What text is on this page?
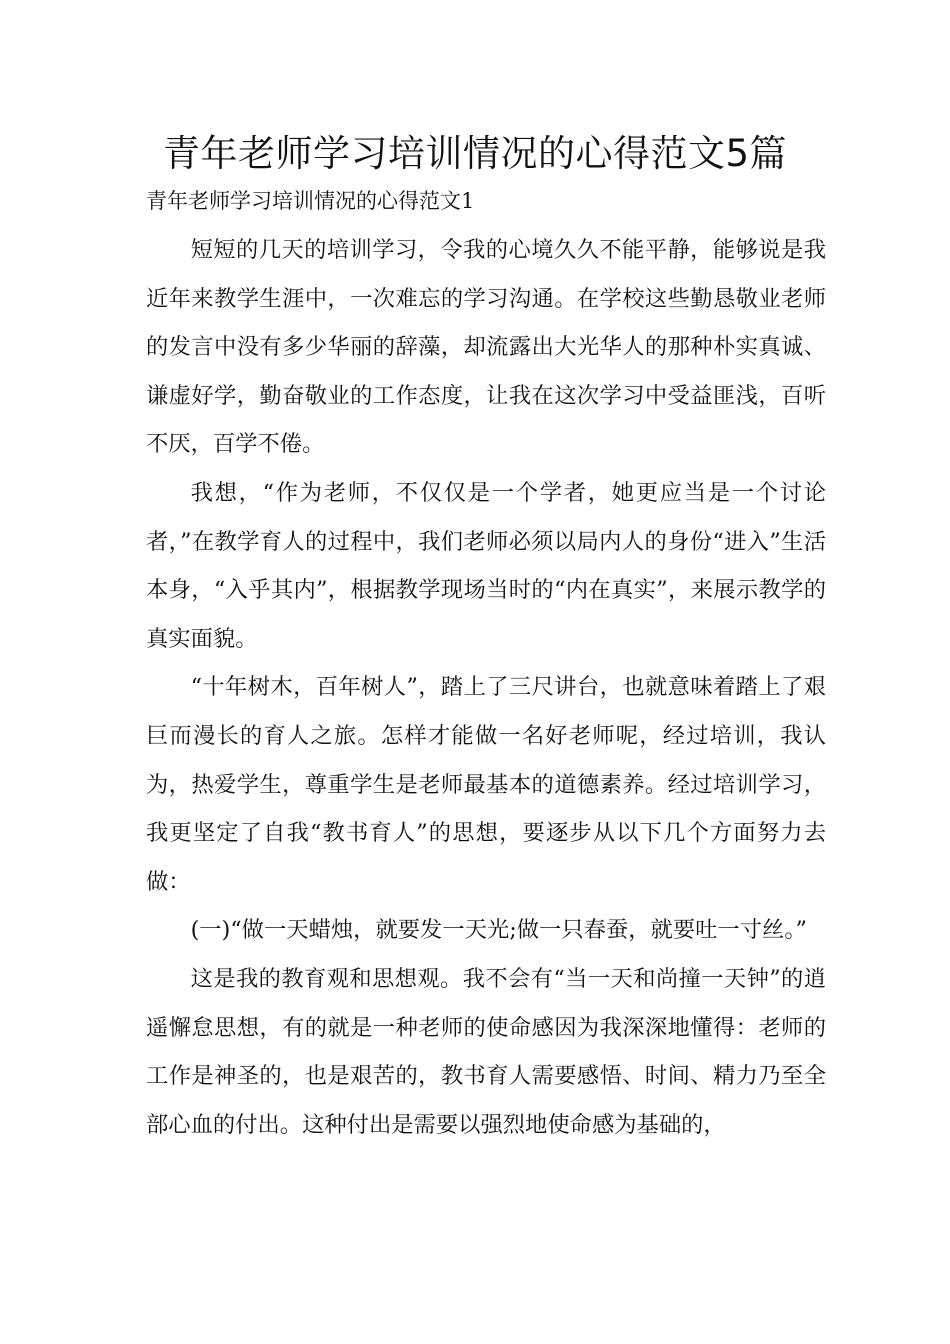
青年老师学习培训情况的心得范文5篇

青年老师学习培训情况的心得范文1

短短的几天的培训学习，令我的心境久久不能平静，能够说是我近年来教学生涯中，一次难忘的学习沟通。在学校这些勤恳敬业老师的发言中没有多少华丽的辞藻，却流露出大光华人的那种朴实真诚、谦虚好学，勤奋敬业的工作态度，让我在这次学习中受益匪浅，百听不厌，百学不倦。

我想，“作为老师，不仅仅是一个学者，她更应当是一个讨论者，”在教学育人的过程中，我们老师必须以局内人的身份“进入”生活本身，“入乎其内”，根据教学现场当时的“内在真实”，来展示教学的真实面貌。

“十年树木，百年树人”，踏上了三尺讲台，也就意味着踏上了艰巨而漫长的育人之旅。怎样才能做一名好老师呢，经过培训，我认为，热爱学生，尊重学生是老师最基本的道德素养。经过培训学习，我更坚定了自我“教书育人”的思想，要逐步从以下几个方面努力去做：

(一)“做一天蜡烛，就要发一天光;做一只春蚕，就要吐一寸丝。”

这是我的教育观和思想观。我不会有“当一天和尚撞一天钟”的逍遥懈怠思想，有的就是一种老师的使命感因为我深深地懂得：老师的工作是神圣的，也是艰苦的，教书育人需要感悟、时间、精力乃至全部心血的付出。这种付出是需要以强烈地使命感为基础的，
